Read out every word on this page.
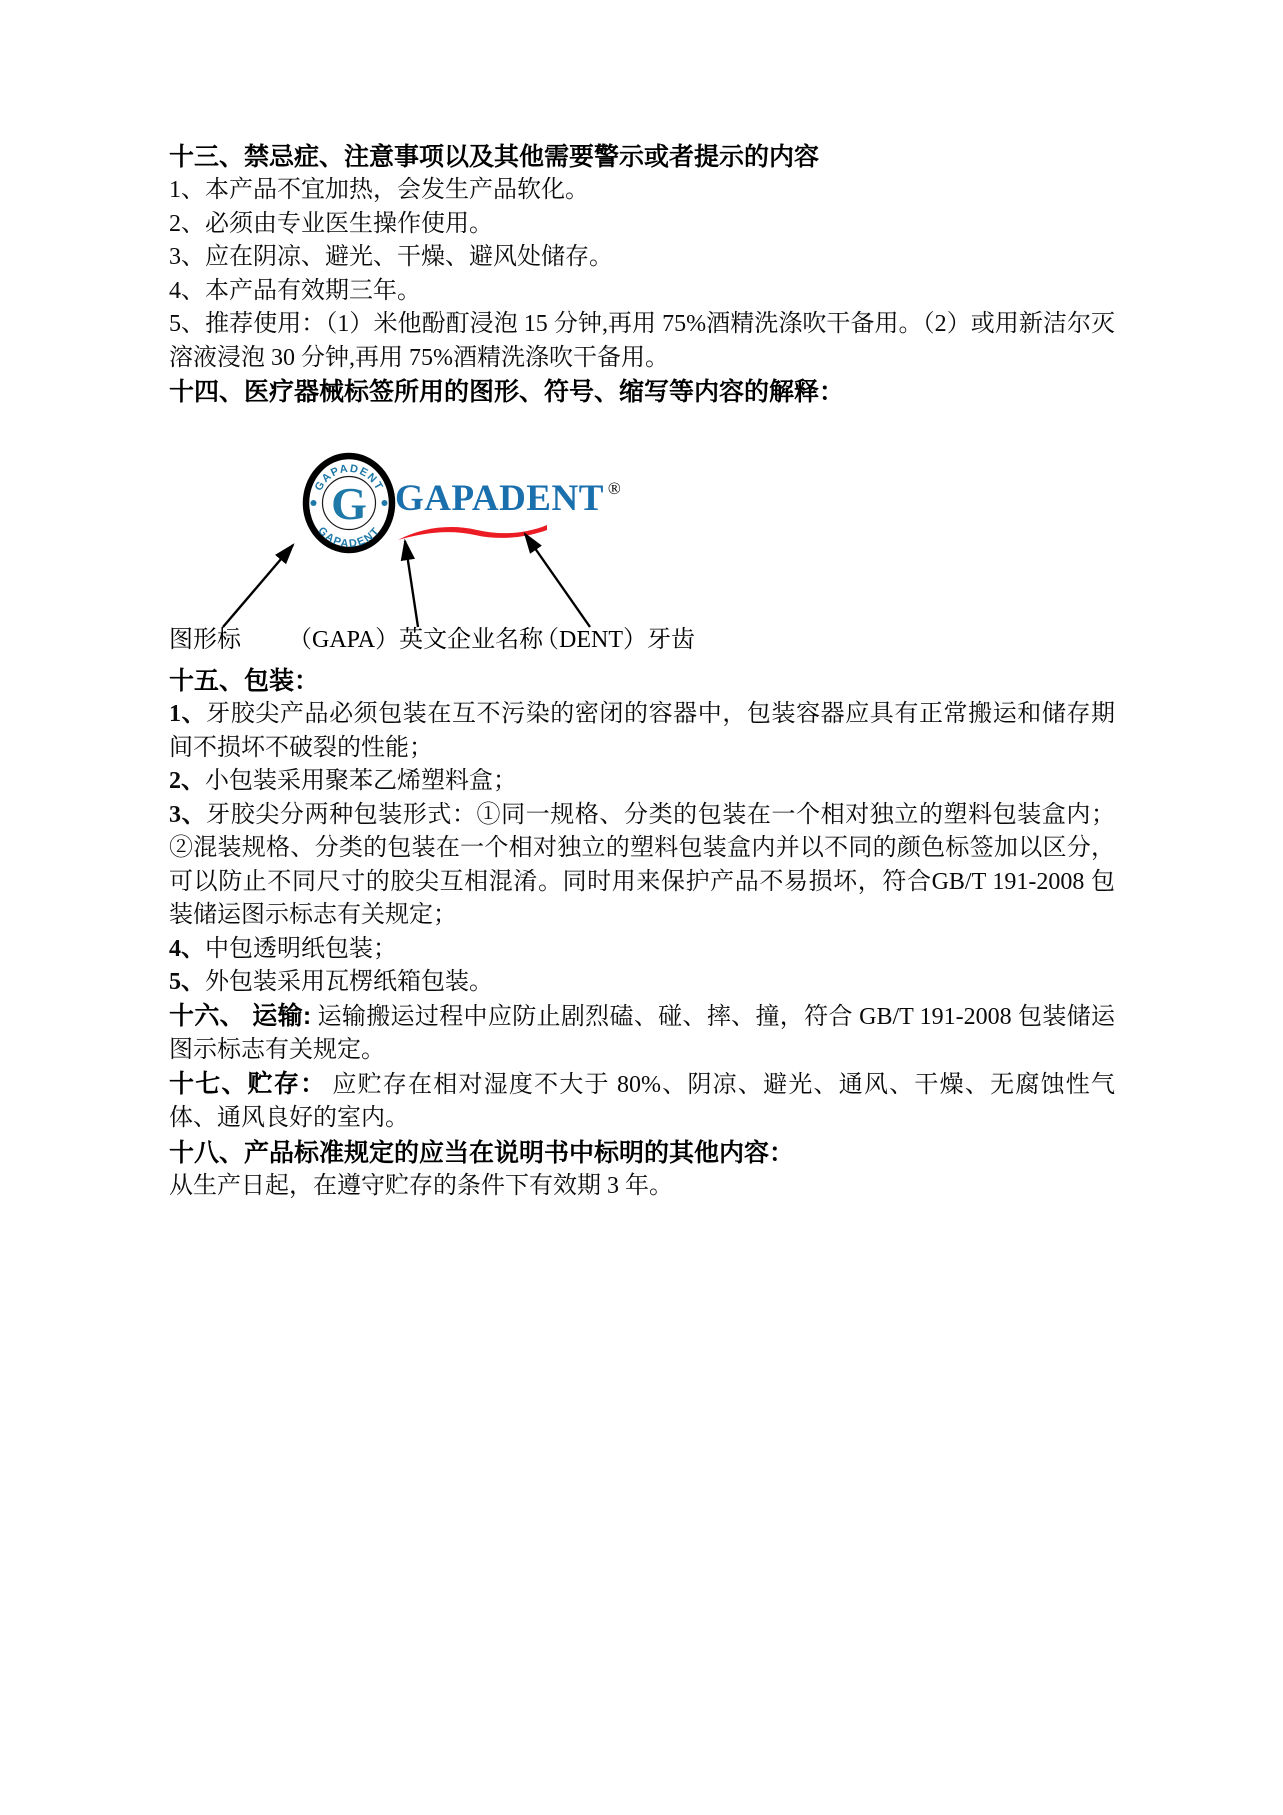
十三、禁忌症、注意事项以及其他需要警示或者提示的内容

1、本产品不宜加热，会发生产品软化。

2、必须由专业医生操作使用。

3、应在阴凉、避光、干燥、避风处储存。

4、本产品有效期三年。

5、推荐使用：（1）米他酚酊浸泡 15 分钟,再用 75%酒精洗涤吹干备用。（2）或用新洁尔灭溶液浸泡 30 分钟,再用 75%酒精洗涤吹干备用。

十四、医疗器械标签所用的图形、符号、缩写等内容的解释：

GAPADENT
GAPADENT
G GAPADENT ®
图形标 （GAPA）英文企业名称
（DENT）牙齿

十五、包装：

1、牙胶尖产品必须包装在互不污染的密闭的容器中，包装容器应具有正常搬运和储存期间不损坏不破裂的性能；

2、小包装采用聚苯乙烯塑料盒；

3、牙胶尖分两种包装形式：①同一规格、分类的包装在一个相对独立的塑料包装盒内；②混装规格、分类的包装在一个相对独立的塑料包装盒内并以不同的颜色标签加以区分，可以防止不同尺寸的胶尖互相混淆。同时用来保护产品不易损坏，符合GB/T 191-2008 包装储运图示标志有关规定；

4、中包透明纸包装；

5、外包装采用瓦楞纸箱包装。

十六、 运输: 运输搬运过程中应防止剧烈磕、碰、摔、撞，符合 GB/T 191-2008 包装储运图示标志有关规定。

十七、贮存： 应贮存在相对湿度不大于 80%、阴凉、避光、通风、干燥、无腐蚀性气体、通风良好的室内。

十八、产品标准规定的应当在说明书中标明的其他内容：

从生产日起，在遵守贮存的条件下有效期 3 年。
